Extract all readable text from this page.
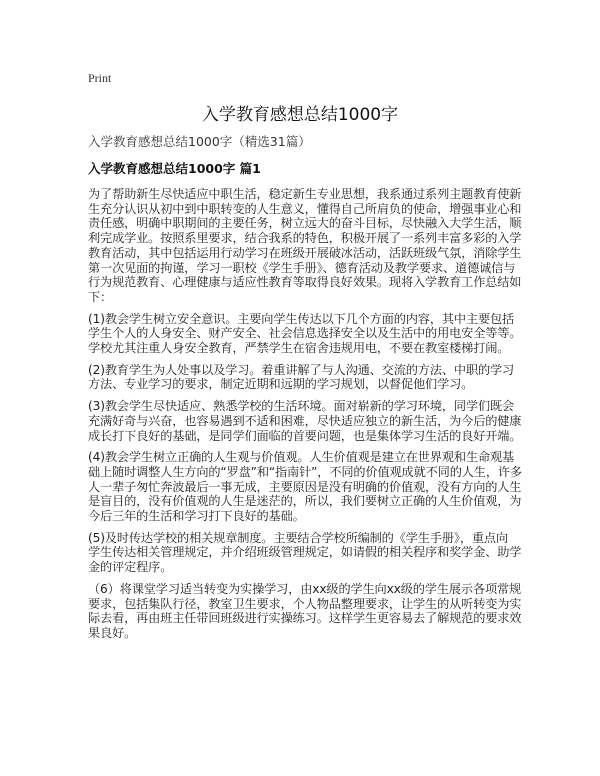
Print
入学教育感想总结1000字
入学教育感想总结1000字（精选31篇）
入学教育感想总结1000字 篇1

为了帮助新生尽快适应中职生活，稳定新生专业思想，我系通过系列主题教育使新
生充分认识从初中到中职转变的人生意义，懂得自己所肩负的使命，增强事业心和
责任感，明确中职期间的主要任务，树立远大的奋斗目标，尽快融入大学生活，顺
利完成学业。按照系里要求，结合我系的特色，积极开展了一系列丰富多彩的入学
教育活动，其中包括运用行动学习在班级开展破冰活动，活跃班级气氛，消除学生
第一次见面的拘谨，学习一职校《学生手册》、德育活动及教学要求、道德诚信与
行为规范教育、心理健康与适应性教育等取得良好效果。现将入学教育工作总结如
下：

(1)教会学生树立安全意识。主要向学生传达以下几个方面的内容，其中主要包括
学生个人的人身安全、财产安全、社会信息选择安全以及生活中的用电安全等等。
学校尤其注重人身安全教育，严禁学生在宿舍违规用电，不要在教室楼梯打闹。

(2)教育学生为人处事以及学习。着重讲解了与人沟通、交流的方法、中职的学习
方法、专业学习的要求，制定近期和远期的学习规划，以督促他们学习。

(3)教会学生尽快适应、熟悉学校的生活环境。面对崭新的学习环境，同学们既会
充满好奇与兴奋，也容易遇到不适和困难，尽快适应独立的新生活，为今后的健康
成长打下良好的基础，是同学们面临的首要问题，也是集体学习生活的良好开端。

(4)教会学生树立正确的人生观与价值观。人生价值观是建立在世界观和生命观基
础上随时调整人生方向的“罗盘”和“指南针”，不同的价值观成就不同的人生，许多
人一辈子匆忙奔波最后一事无成，主要原因是没有明确的价值观，没有方向的人生
是盲目的，没有价值观的人生是迷茫的，所以，我们要树立正确的人生价值观，为
今后三年的生活和学习打下良好的基础。

(5)及时传达学校的相关规章制度。主要结合学校所编制的《学生手册》，重点向
学生传达相关管理规定，并介绍班级管理规定，如请假的相关程序和奖学金、助学
金的评定程序。

（6）将课堂学习适当转变为实操学习，由xx级的学生向xx级的学生展示各项常规
要求，包括集队行径，教室卫生要求，个人物品整理要求，让学生的从听转变为实
际去看，再由班主任带回班级进行实操练习。这样学生更容易去了解规范的要求效
果良好。
